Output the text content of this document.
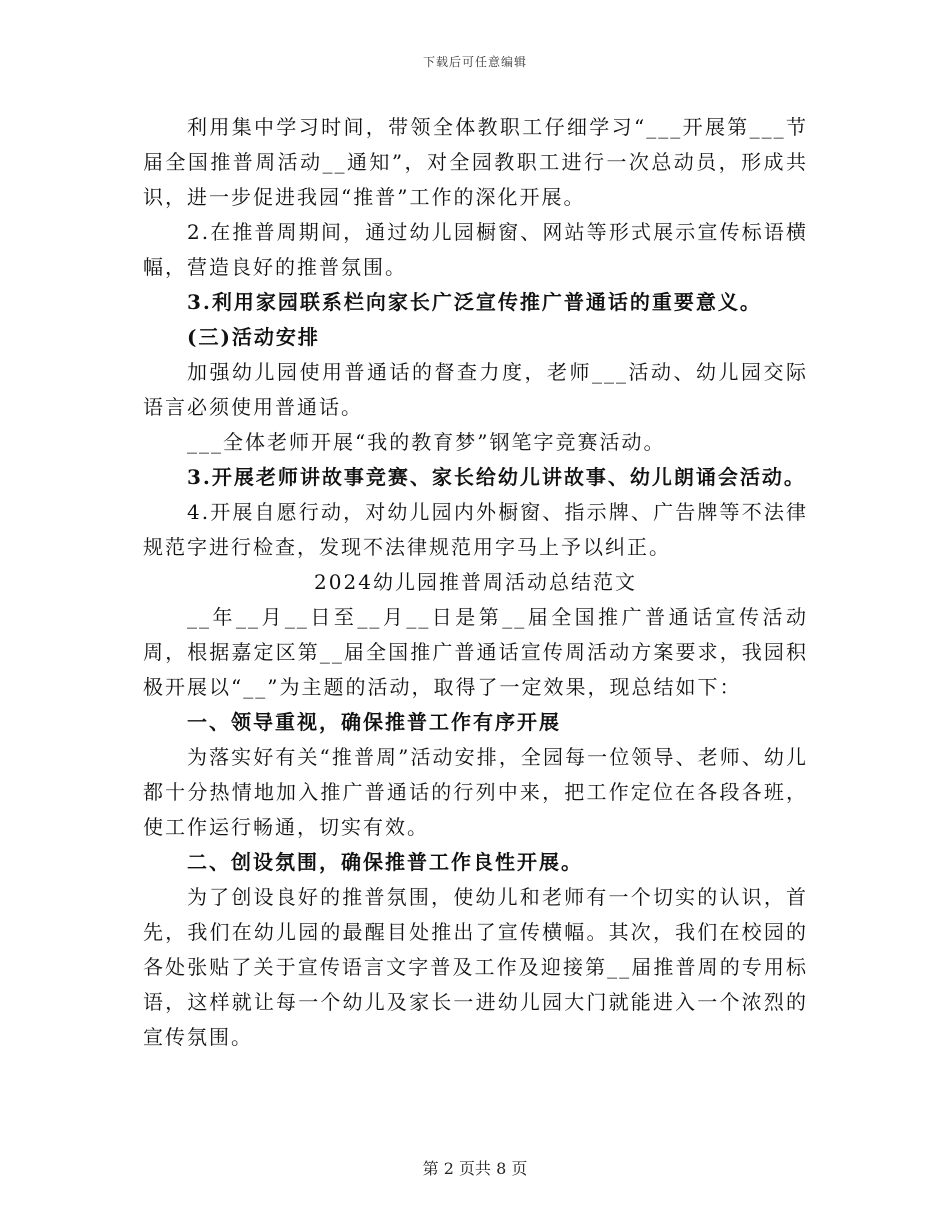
下载后可任意编辑

利用集中学习时间，带领全体教职工仔细学习“___开展第___节届全国推普周活动__通知”，对全园教职工进行一次总动员，形成共识，进一步促进我园“推普”工作的深化开展。

2.在推普周期间，通过幼儿园橱窗、网站等形式展示宣传标语横幅，营造良好的推普氛围。

3.利用家园联系栏向家长广泛宣传推广普通话的重要意义。

(三)活动安排

加强幼儿园使用普通话的督查力度，老师___活动、幼儿园交际语言必须使用普通话。

___全体老师开展“我的教育梦”钢笔字竞赛活动。

3.开展老师讲故事竞赛、家长给幼儿讲故事、幼儿朗诵会活动。

4.开展自愿行动，对幼儿园内外橱窗、指示牌、广告牌等不法律规范字进行检查，发现不法律规范用字马上予以纠正。

2024幼儿园推普周活动总结范文

__年__月__日至__月__日是第__届全国推广普通话宣传活动周，根据嘉定区第__届全国推广普通话宣传周活动方案要求，我园积极开展以“__”为主题的活动，取得了一定效果，现总结如下：

一、领导重视，确保推普工作有序开展

为落实好有关“推普周”活动安排，全园每一位领导、老师、幼儿都十分热情地加入推广普通话的行列中来，把工作定位在各段各班，使工作运行畅通，切实有效。

二、创设氛围，确保推普工作良性开展。

为了创设良好的推普氛围，使幼儿和老师有一个切实的认识，首先，我们在幼儿园的最醒目处推出了宣传横幅。其次，我们在校园的各处张贴了关于宣传语言文字普及工作及迎接第__届推普周的专用标语，这样就让每一个幼儿及家长一进幼儿园大门就能进入一个浓烈的宣传氛围。

第 2 页共 8 页
